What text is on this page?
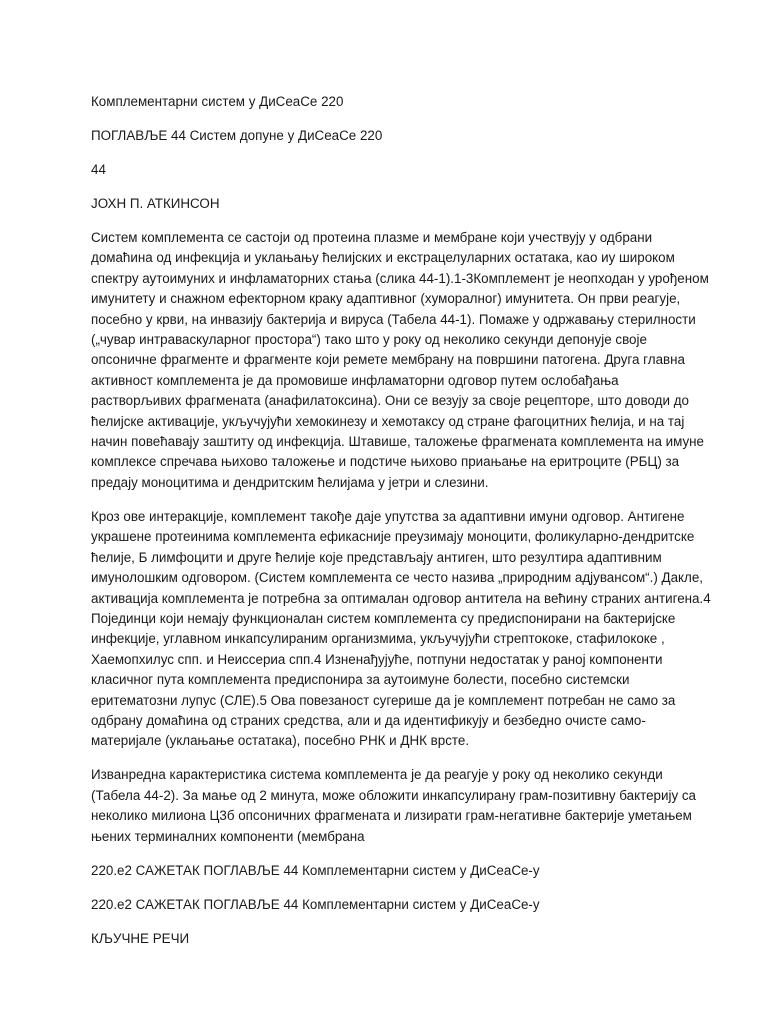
Комплементарни систем у ДиСеаСе 220
ПОГЛАВЉЕ 44 Систем допуне у ДиСеаСе 220
44
ЈОХН П. АТКИНСОН
Систем комплемента се састоји од протеина плазме и мембране који учествују у одбрани
домаћина од инфекција и уклањању ћелијских и екстрацелуларних остатака, као иу широком
спектру аутоимуних и инфламаторних стања (слика 44-1).1-3Комплемент је неопходан у урођеном
имунитету и снажном ефекторном краку адаптивног (хуморалног) имунитета. Он први реагује,
посебно у крви, на инвазију бактерија и вируса (Табела 44-1). Помаже у одржавању стерилности
(„чувар интраваскуларног простора“) тако што у року од неколико секунди депонује своје
опсоничне фрагменте и фрагменте који ремете мембрану на површини патогена. Друга главна
активност комплемента је да промовише инфламаторни одговор путем ослобађања
растворљивих фрагмената (анафилатоксина). Они се везују за своје рецепторе, што доводи до
ћелијске активације, укључујући хемокинезу и хемотаксу од стране фагоцитних ћелија, и на тај
начин повећавају заштиту од инфекција. Штавише, таложење фрагмената комплемента на имуне
комплексе спречава њихово таложење и подстиче њихово приањање на еритроците (РБЦ) за
предају моноцитима и дендритским ћелијама у јетри и слезини.
Кроз ове интеракције, комплемент такође даје упутства за адаптивни имуни одговор. Антигене
украшене протеинима комплемента ефикасније преузимају моноцити, фоликуларно-дендритске
ћелије, Б лимфоцити и друге ћелије које представљају антиген, што резултира адаптивним
имунолошким одговором. (Систем комплемента се често назива „природним адјувансом“.) Дакле,
активација комплемента је потребна за оптималан одговор антитела на већину страних антигена.4
Појединци који немају функционалан систем комплемента су предиспонирани на бактеријске
инфекције, углавном инкапсулираним организмима, укључујући стрептококе, стафилококе ,
Хаемопхилус спп. и Неиссериа спп.4 Изненађујуће, потпуни недостатак у раној компоненти
класичног пута комплемента предиспонира за аутоимуне болести, посебно системски
еритематозни лупус (СЛЕ).5 Ова повезаност сугерише да је комплемент потребан не само за
одбрану домаћина од страних средства, али и да идентификују и безбедно очисте само-
материјале (уклањање остатака), посебно РНК и ДНК врсте.
Изванредна карактеристика система комплемента је да реагује у року од неколико секунди
(Табела 44-2). За мање од 2 минута, може обложити инкапсулирану грам-позитивну бактерију са
неколико милиона Ц3б опсоничних фрагмената и лизирати грам-негативне бактерије уметањем
њених терминалних компоненти (мембрана
220.е2 САЖЕТАК ПОГЛАВЉЕ 44 Комплементарни систем у ДиСеаСе-у
220.е2 САЖЕТАК ПОГЛАВЉЕ 44 Комплементарни систем у ДиСеаСе-у
КЉУЧНЕ РЕЧИ
